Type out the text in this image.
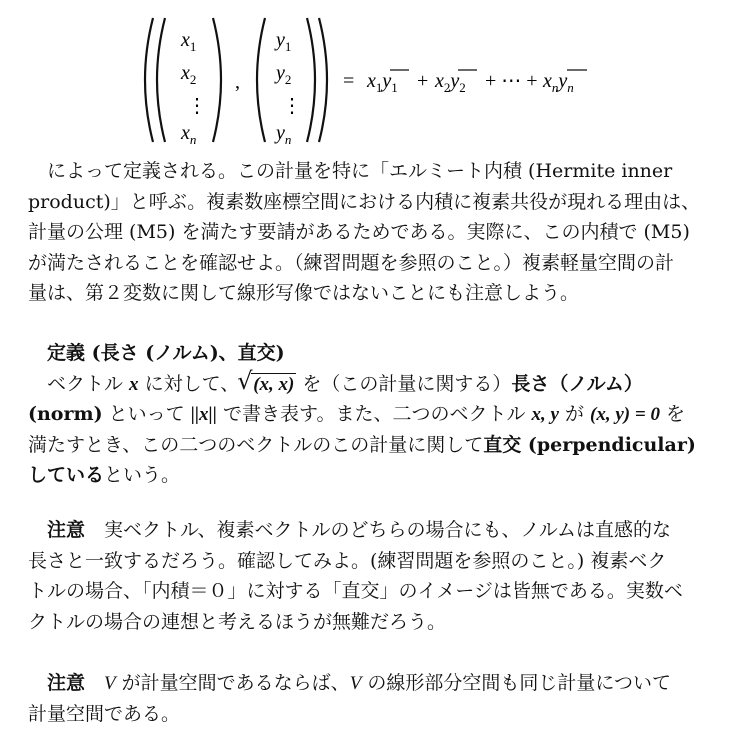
$x_1$
$x_2$
⋮
$x_n$
,
$y_1$
$y_2$
⋮
$y_n$
= $x_1y_1 + x_2y_2$ + ⋯ + $x_ny_n$
によって定義される。この計量を特に「エルミート内積 (Hermite inner
product)」と呼ぶ。複素数座標空間における内積に複素共役が現れる理由は、
計量の公理 (M5) を満たす要請があるためである。実際に、この内積で (M5)
が満たされることを確認せよ。（練習問題を参照のこと。）複素軽量空間の計
量は、第２変数に関して線形写像ではないことにも注意しよう。
定義 (長さ (ノルム)、直交)
ベクトル x に対して、√ (x, x) を（この計量に関する）長さ（ノルム）
(norm) といって ||x|| で書き表す。また、二つのベクトル x, y が (x, y) = 0 を
満たすとき、この二つのベクトルのこの計量に関して直交 (perpendicular)
しているという。
注意　 実ベクトル、複素ベクトルのどちらの場合にも、ノルムは直感的な
長さと一致するだろう。確認してみよ。(練習問題を参照のこと。) 複素ベク
トルの場合、「内積＝０」に対する「直交」のイメージは皆無である。実数ベ
クトルの場合の連想と考えるほうが無難だろう。
注意　 V が計量空間であるならば、V の線形部分空間も同じ計量について
計量空間である。
